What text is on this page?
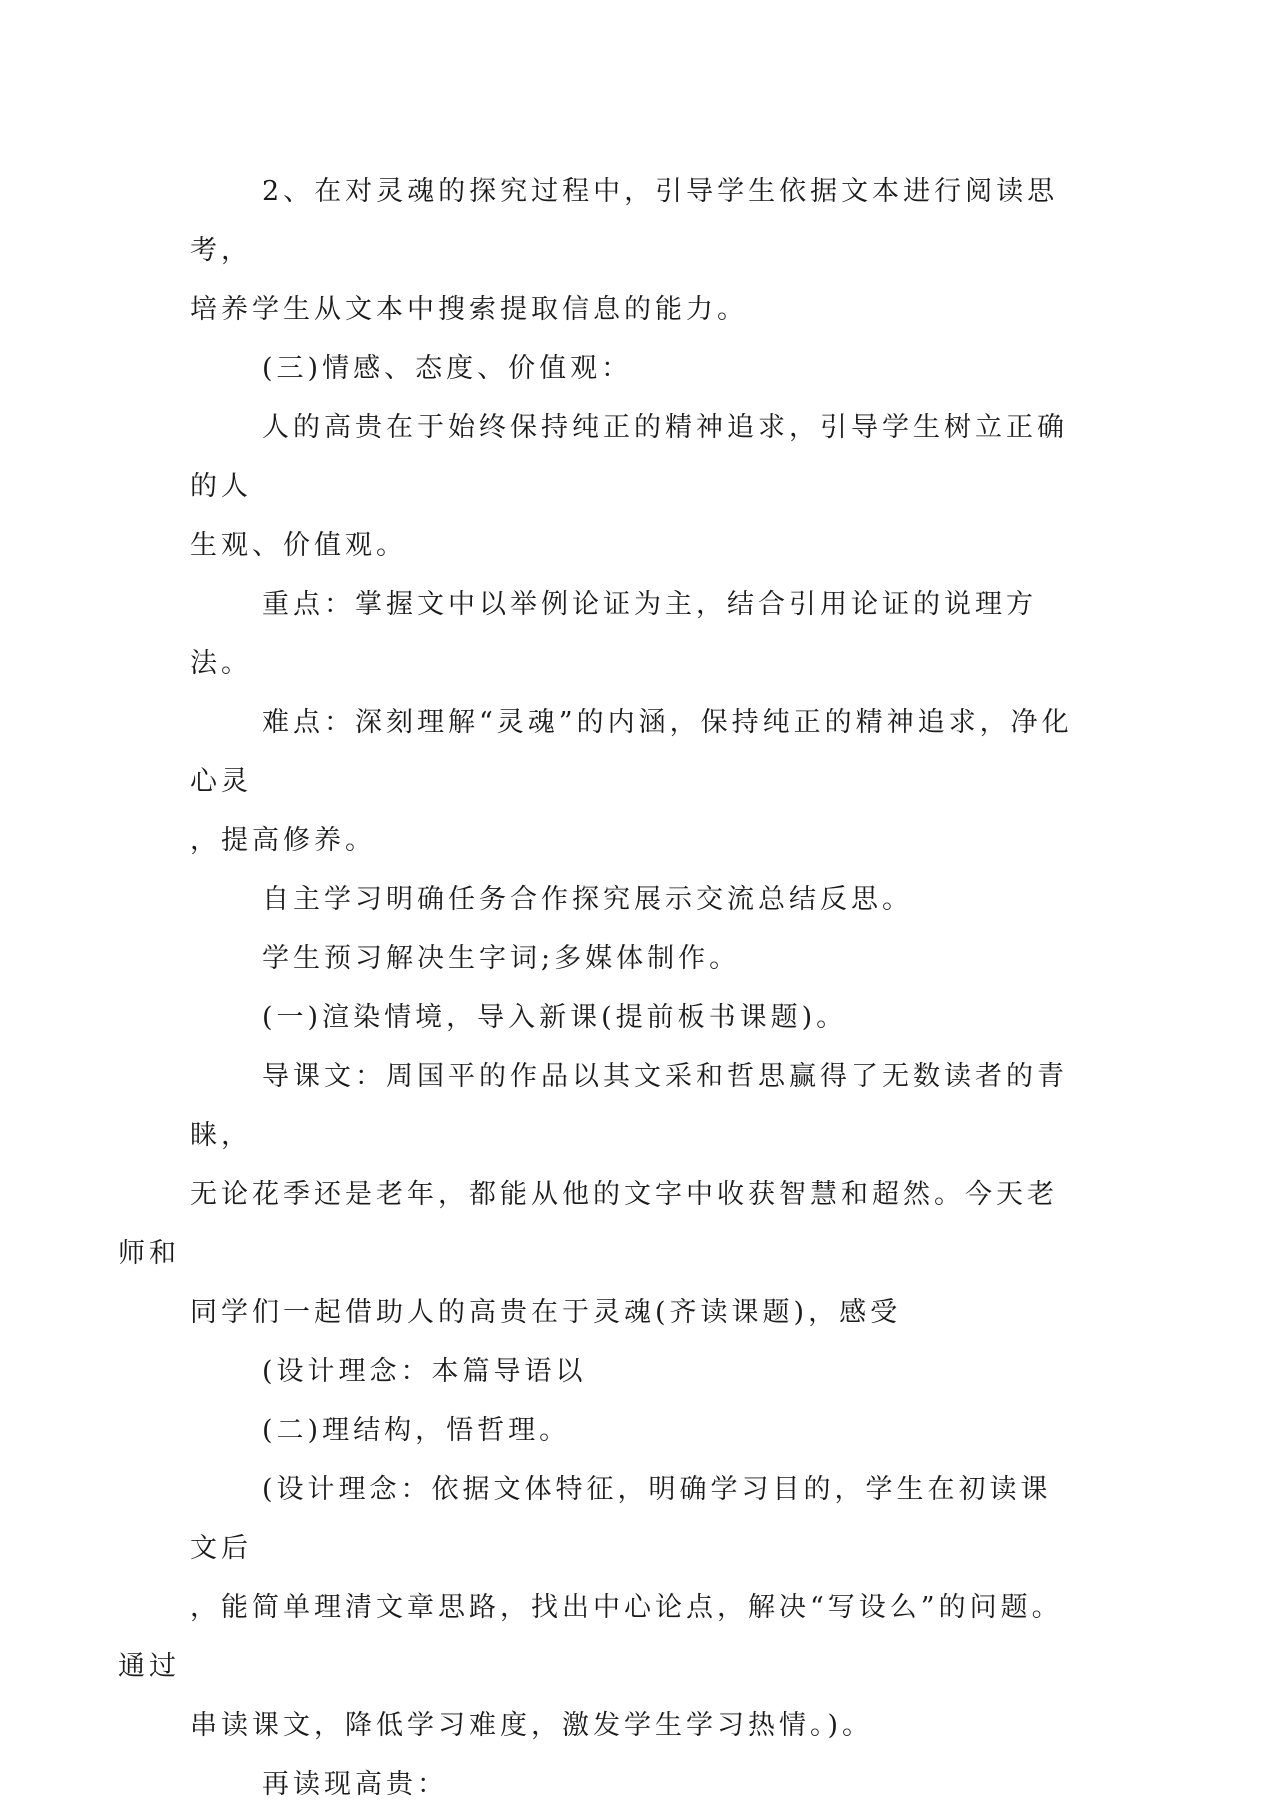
2、在对灵魂的探究过程中，引导学生依据文本进行阅读思考，
培养学生从文本中搜索提取信息的能力。

(三)情感、态度、价值观：

人的高贵在于始终保持纯正的精神追求，引导学生树立正确的人
生观、价值观。

重点：掌握文中以举例论证为主，结合引用论证的说理方法。

难点：深刻理解“灵魂”的内涵，保持纯正的精神追求，净化心灵
，提高修养。

自主学习明确任务合作探究展示交流总结反思。

学生预习解决生字词;多媒体制作。

(一)渲染情境，导入新课(提前板书课题)。

导课文：周国平的作品以其文采和哲思赢得了无数读者的青睐，
无论花季还是老年，都能从他的文字中收获智慧和超然。今天老师和
同学们一起借助人的高贵在于灵魂(齐读课题)，感受

(设计理念：本篇导语以

(二)理结构，悟哲理。

(设计理念：依据文体特征，明确学习目的，学生在初读课文后
，能简单理清文章思路，找出中心论点，解决“写设么”的问题。通过
串读课文，降低学习难度，激发学生学习热情。)。

再读现高贵：
